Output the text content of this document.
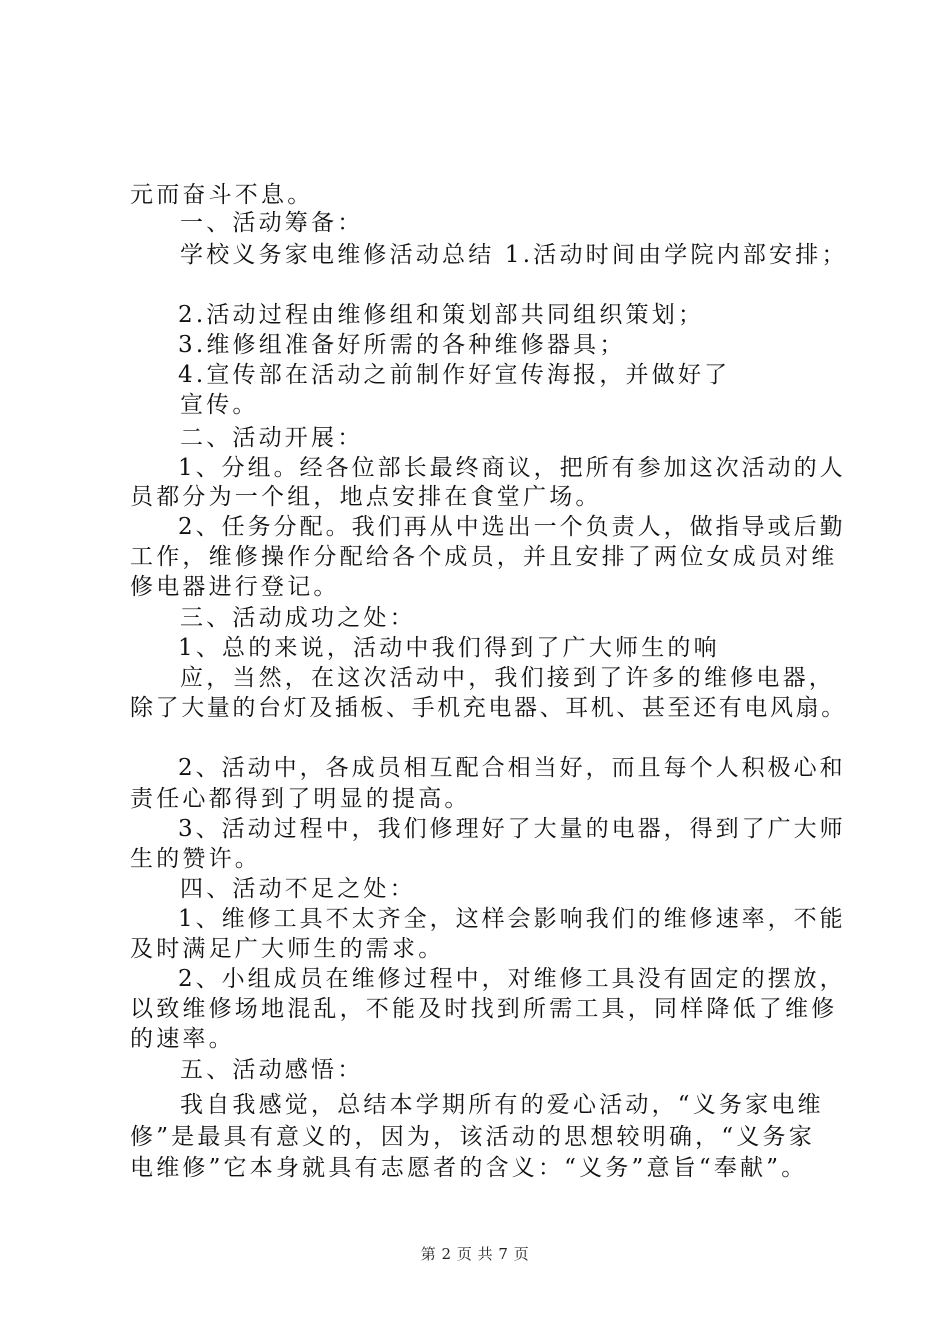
元而奋斗不息。
一、活动筹备：
学校义务家电维修活动总结 1.活动时间由学院内部安排；
2.活动过程由维修组和策划部共同组织策划；
3.维修组准备好所需的各种维修器具；
4.宣传部在活动之前制作好宣传海报，并做好了
宣传。
二、活动开展：
1、分组。经各位部长最终商议，把所有参加这次活动的人
员都分为一个组，地点安排在食堂广场。
2、任务分配。我们再从中选出一个负责人，做指导或后勤
工作，维修操作分配给各个成员，并且安排了两位女成员对维
修电器进行登记。
三、活动成功之处：
1、总的来说，活动中我们得到了广大师生的响
应，当然，在这次活动中，我们接到了许多的维修电器，
除了大量的台灯及插板、手机充电器、耳机、甚至还有电风扇。
2、活动中，各成员相互配合相当好，而且每个人积极心和
责任心都得到了明显的提高。
3、活动过程中，我们修理好了大量的电器，得到了广大师
生的赞许。
四、活动不足之处：
1、维修工具不太齐全，这样会影响我们的维修速率，不能
及时满足广大师生的需求。
2、小组成员在维修过程中，对维修工具没有固定的摆放，
以致维修场地混乱，不能及时找到所需工具，同样降低了维修
的速率。
五、活动感悟：
我自我感觉，总结本学期所有的爱心活动，“义务家电维
修”是最具有意义的，因为，该活动的思想较明确，“义务家
电维修”它本身就具有志愿者的含义：“义务”意旨“奉献”。
第 2 页 共 7 页
